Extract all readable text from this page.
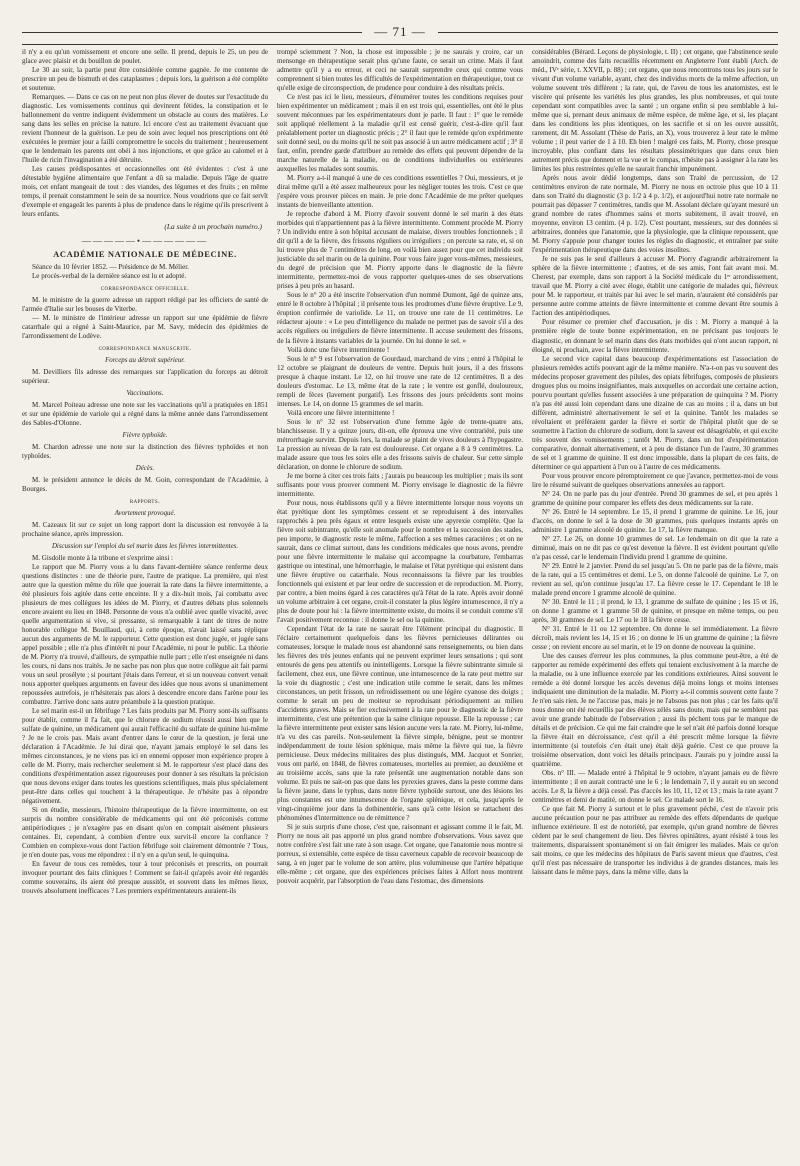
— 71 —

il n'y a eu qu'un vomissement et encore une selle. Il prend, depuis le 25, un peu de glace avec plaisir et du bouillon de poulet.

Le 30 au soir, la partie peut être considérée comme gagnée. Je me contente de prescrire un peu de bismuth et des cataplasmes ; depuis lors, la guérison a été complète et soutenue.

Remarques. — Dans ce cas on ne peut non plus élever de doutes sur l'exactitude du diagnostic. Les vomissements continus qui devinrent fétides, la constipation et le ballonnement du ventre indiquent évidemment un obstacle au cours des matières. Le sang dans les selles en précise la nature. Ici encore c'est au traitement évacuant que revient l'honneur de la guérison. Le peu de soin avec lequel nos prescriptions ont été exécutées le premier jour a failli compromettre le succès du traitement ; heureusement que le lendemain les parents ont obéi à nos injonctions, et que grâce au calomel et à l'huile de ricin l'invagination a été détruite.

Les causes prédisposantes et occasionnelles ont été évidentes : c'est à une détestable hygiène alimentaire que l'enfant a dû sa maladie. Depuis l'âge de quatre mois, cet enfant mangeait de tout : des viandes, des légumes et des fruits ; en même temps, il prenait constamment le sein de sa nourrice. Nous voudrions que ce fait servît d'exemple et engageât les parents à plus de prudence dans le régime qu'ils prescrivent à leurs enfants.

(La suite à un prochain numéro.)
—————•——————
ACADÉMIE NATIONALE DE MÉDECINE.

Séance du 10 février 1852. — Présidence de M. Mélier.

Le procès-verbal de la dernière séance est lu et adopté.

correspondance officielle.

M. le ministre de la guerre adresse un rapport rédigé par les officiers de santé de l'armée d'Italie sur les bouses de Viterbe.

— M. le ministre de l'intérieur adresse un rapport sur une épidémie de fièvre catarrhale qui a régné à Saint-Maurice, par M. Savy, médecin des épidémies de l'arrondissement de Lodève.

correspondance manuscrite.
Forceps au détroit supérieur.

M. Devilliers fils adresse des remarques sur l'application du forceps au détroit supérieur.

Vaccinations.

M. Marcel Poiteau adresse une note sur les vaccinations qu'il a pratiquées en 1851 et sur une épidémie de variole qui a régné dans la même année dans l'arrondissement des Sables-d'Olonne.

Fièvre typhoïde.

M. Chardon adresse une note sur la distinction des fièvres typhoïdes et non typhoïdes.

Décès.

M. le président annonce le décès de M. Goin, correspondant de l'Académie, à Bourges.

rapports.
Avortement provoqué.

M. Cazeaux lit sur ce sujet un long rapport dont la discussion est renvoyée à la prochaine séance, après impression.

Discussion sur l'emploi du sel marin dans les fièvres intermittentes.

M. Gisdolle monte à la tribune et s'exprime ainsi :

Le rapport que M. Piorry vous a lu dans l'avant-dernière séance renferme deux questions distinctes : une de théorie pure, l'autre de pratique. La première, qui n'est autre que la question même du rôle que jouerait la rate dans la fièvre intermittente, a été plusieurs fois agitée dans cette enceinte. Il y a dix-huit mois, j'ai combattu avec plusieurs de mes collègues les idées de M. Piorry, et d'autres débats plus solennels encore avaient eu lieu en 1848. Personne de vous n'a oublié avec quelle vivacité, avec quelle argumentation si vive, si pressante, si remarquable à tant de titres de notre honorable collègue M. Bouillaud, qui, à cette époque, n'avait laissé sans réplique aucun des arguments de M. le rapporteur. Cette question est donc jugée, et jugée sans appel possible ; elle n'a plus d'intérêt ni pour l'Académie, ni pour le public. La théorie de M. Piorry n'a trouvé, d'ailleurs, de sympathie nulle part ; elle n'est enseignée ni dans les cours, ni dans nos traités. Je ne sache pas non plus que notre collègue ait fait parmi vous un seul prosélyte ; si pourtant j'étais dans l'erreur, et si un nouveau convert venait nous apporter quelques arguments en faveur des idées que nous avons si unanimement repoussées autrefois, je n'hésiterais pas alors à descendre encore dans l'arène pour les combattre. J'arrive donc sans autre préambule à la question pratique.

Le sel marin est-il un fébrifuge ? Les faits produits par M. Piorry sont-ils suffisants pour établir, comme il l'a fait, que le chlorure de sodium réussit aussi bien que le sulfate de quinine, un médicament qui aurait l'efficacité du sulfate de quinine lui-même ? Je ne le crois pas. Mais avant d'entrer dans le cœur de la question, je ferai une déclaration à l'Académie. Je lui dirai que, n'ayant jamais employé le sel dans les mêmes circonstances, je ne viens pas ici en ennemi opposer mon expérience propre à celle de M. Piorry, mais rechercher seulement si M. le rapporteur s'est placé dans des conditions d'expérimentation assez rigoureuses pour donner à ses résultats la précision que nous devons exiger dans toutes les questions scientifiques, mais plus spécialement peut-être dans celles qui touchent à la thérapeutique. Je n'hésite pas à répondre négativement.

Si on étudie, messieurs, l'histoire thérapeutique de la fièvre intermittente, on est surpris du nombre considérable de médicaments qui ont été préconisés comme antipériodiques ; je n'exagère pas en disant qu'on en comptait aisément plusieurs centaines. Et, cependant, à combien d'entre eux survit-il encore la confiance ? Combien en complexe-vous dont l'action fébrifuge soit clairement démontrée ? Tous, je n'en doute pas, vous me répondrez : il n'y en a qu'un seul, le quinquina.

En faveur de tous ces remèdes, tour à tour préconisés et prescrits, on pourrait invoquer pourtant des faits cliniques ! Comment se fait-il qu'après avoir été regardés comme souverains, ils aient été presque aussitôt, et souvent dans les mêmes lieux, trouvés absolument inefficaces ? Les premiers expérimentateurs auraient-ils

trompé sciemment ? Non, la chose est impossible ; je ne saurais y croire, car un mensonge en thérapeutique serait plus qu'une faute, ce serait un crime. Mais il faut admettre qu'il y a eu erreur, et ceci ne saurait surprendre ceux qui comme vous comprennent si bien toutes les difficultés de l'expérimentation en thérapeutique, tout ce qu'elle exige de circonspection, de prudence pour conduire à des résultats précis.

Ce n'est pas ici le lieu, messieurs, d'énumérer toutes les conditions requises pour bien expérimenter un médicament ; mais il en est trois qui, essentielles, ont été le plus souvent méconnues par les expérimentateurs dont je parle. Il faut : 1° que le remède soit appliqué réellement à la maladie qu'il est censé guérir, c'est-à-dire qu'il faut préalablement porter un diagnostic précis ; 2° il faut que le remède qu'on expérimente soit donné seul, ou du moins qu'il ne soit pas associé à un autre médicament actif ; 3° il faut, enfin, prendre garde d'attribuer au remède des effets qui peuvent dépendre de la marche naturelle de la maladie, ou de conditions individuelles ou extérieures auxquelles les malades sont soumis.

M. Piorry a-t-il manqué à une de ces conditions essentielles ? Oui, messieurs, et je dirai même qu'il a été assez malheureux pour les négliger toutes les trois. C'est ce que j'espère vous prouver pièces en main. Je prie donc l'Académie de me prêter quelques instants de bienveillante attention.

Je reproche d'abord à M. Piorry d'avoir souvent donné le sel marin à des états morbides qui n'appartiennent pas à la fièvre intermittente. Comment procède M. Piorry ? Un individu entre à son hôpital accusant de malaise, divers troubles fonctionnels ; il dit qu'il a de la fièvre, des frissons réguliers ou irréguliers ; on percute sa rate, et, si on lui trouve plus de 7 centimètres de long, en voilà bien assez pour que cet individu soit justiciable du sel marin ou de la quinine. Pour vous faire juger vous-mêmes, messieurs, du degré de précision que M. Piorry apporte dans le diagnostic de la fièvre intermittente, permettez-moi de vous rapporter quelques-unes de ses observations prises à peu près au hasard.

Sous le n° 20 a été inscrite l'observation d'un nommé Dumont, âgé de quinze ans, entré le 8 octobre à l'hôpital ; il présente tous les prodromes d'une fièvre éruptive. Le 9, éruption confirmée de variolide. Le 11, on trouve une rate de 11 centimètres. Le rédacteur ajoute : « Le peu d'intelligence du malade ne permet pas de savoir s'il a des accès réguliers ou irréguliers de fièvre intermittente. Il accuse seulement des frissons, de la fièvre à instants variables de la journée. On lui donne le sel. »

Voilà donc une fièvre intermittente !

Sous le n° 9 est l'observation de Gourdaud, marchand de vins ; entré à l'hôpital le 12 octobre se plaignant de douleurs de ventre. Depuis huit jours, il a des frissons presque à chaque instant. Le 12, on lui trouve une rate de 12 centimètres. Il a des douleurs d'estomac. Le 13, même état de la rate ; le ventre est gonflé, douloureux, rempli de fèces (lavement purgatif). Les frissons des jours précédents sont moins intenses. Le 14, on donne 15 grammes de sel marin.

Voilà encore une fièvre intermittente !

Sous le n° 32 est l'observation d'une femme âgée de trente-quatre ans, blanchisseuse. Il y a quinze jours, dit-on, elle éprouva une vive contrariété, puis une métrorrhagie survint. Depuis lors, la malade se plaint de vives douleurs à l'hypogastre. La pression au niveau de la rate est douloureuse. Cet organe a 8 à 9 centimètres. La malade assure que tous les soirs elle a des frissons suivis de chaleur. Sur cette simple déclaration, on donne le chlorure de sodium.

Je me borne à citer ces trois faits ; j'aurais pu beaucoup les multiplier ; mais ils sont suffisants pour vous prouver comment M. Piorry envisage le diagnostic de la fièvre intermittente.

Pour nous, nous établissons qu'il y a fièvre intermittente lorsque nous voyons un état pyrétique dont les symptômes cessent et se reproduisent à des intervalles rapprochés à peu près égaux et entre lesquels existe une apyrexie complète. Que la fièvre soit subintrante, qu'elle soit anomale pour le nombre et la succession des stades, peu importe, le diagnostic reste le même, l'affection a ses mêmes caractères ; et on ne saurait, dans ce climat surtout, dans les conditions médicales que nous avons, prendre pour une fièvre intermittente le malaise qui accompagne la courbature, l'embarras gastrique ou intestinal, une hémorrhagie, le malaise et l'état pyrétique qui existent dans une fièvre éruptive ou catarrhale. Nous reconnaissons la fièvre par les troubles fonctionnels qui existent et par leur ordre de succession et de reproduction. M. Piorry, par contre, a bien moins égard à ces caractères qu'à l'état de la rate. Après avoir donné un volume arbitraire à cet organe, croit-il constater la plus légère intumescence, il n'y a plus de doute pour lui : la fièvre intermittente existe, du moins il se conduit comme s'il l'avait positivement reconnue : il donne le sel ou la quinine.

Cependant l'état de la rate ne saurait être l'élément principal du diagnostic. Il l'éclaire certainement quelquefois dans les fièvres pernicieuses délirantes ou comateuses, lorsque le malade nous est abandonné sans renseignements, ou bien dans les fièvres des très jeunes enfants qui ne peuvent exprimer leurs sensations ; qui sont entourés de gens peu attentifs ou inintelligents. Lorsque la fièvre subintrante simule si facilement, chez eux, une fièvre continue, une intumescence de la rate peut mettre sur la voie du diagnostic ; c'est une indication utile comme le serait, dans les mêmes circonstances, un petit frisson, un refroidissement ou une légère cyanose des doigts ; comme le serait un peu de moiteur se reproduisant périodiquement au milieu d'accidents graves. Mais se fier exclusivement à la rate pour le diagnostic de la fièvre intermittente, c'est une prétention que la saine clinique repousse. Elle la repousse ; car la fièvre intermittente peut exister sans lésion aucune vers la rate. M. Piorry, lui-même, n'a vu des cas pareils. Non-seulement la fièvre simple, bénigne, peut se montrer indépendamment de toute lésion splénique, mais même la fièvre qui tue, la fièvre pernicieuse. Deux médecins militaires des plus distingués, MM. Jacquot et Sonrier, vous ont parlé, en 1848, de fièvres comateuses, mortelles au premier, au deuxième et au troisième accès, sans que la rate présentât une augmentation notable dans son volume. Et puis ne sait-on pas que dans les pyrexies graves, dans la peste comme dans la fièvre jaune, dans le typhus, dans notre fièvre typhoïde surtout, une des lésions les plus constantes est une intumescence de l'organe splénique, et cela, jusqu'après le vingt-cinquième jour dans la dothinentérie, sans qu'à cette lésion se rattachent des phénomènes d'intermittence ou de rémittence ?

Si je suis surpris d'une chose, c'est que, raisonnant et agissant comme il le fait, M. Piorry ne nous ait pas apporté un plus grand nombre d'observations. Vous savez que notre confrère s'est fait une rate à son usage. Cet organe, que l'anatomie nous montre si porreux, si extensible, cette espèce de tissu caverneux capable de recevoir beaucoup de sang, à en juger par le volume de son artère, plus volumineuse que l'artère hépatique elle-même ; cet organe, que des expériences précises faites à Alfort nous montrent pouvoir acquérir, par l'absorption de l'eau dans l'estomac, des dimensions

considérables (Bérard. Leçons de physiologie, t. II) ; cet organe, que l'abstinence seule amoindrit, comme des faits recueillis récemment en Angleterre l'ont établi (Arch. de méd., IVᵉ série, t. XXVII, p. 88) ; cet organe, que nous rencontrons tous les jours sur le vivant d'un volume variable, ayant, chez des individus morts de la même affection, un volume souvent très différent ; la rate, qui, de l'aveu de tous les anatomistes, est le viscère qui présente les variétés les plus grandes, les plus nombreuses, et qui toute cependant sont compatibles avec la santé ; un organe enfin si peu semblable à lui-même que si, prenant deux animaux de même espèce, de même âge, et si, les plaçant dans les conditions les plus identiques, on les sacrifie et si on les ouvre aussitôt, rarement, dit M. Assolant (Thèse de Paris, an X), vous trouverez à leur rate le même volume ; il peut varier de 1 à 10. Eh bien ! malgré ces faits, M. Piorry, chose presque incroyable, plus confiant dans les résultats plessimétriques que dans ceux bien autrement précis que donnent et la vue et le compas, n'hésite pas à assigner à la rate les limites les plus restreintes qu'elle ne saurait franchir impunément.

Après nous avoir dédié longtemps, dans son Traité de percussion, de 12 centimètres environ de rate normale, M. Piorry ne nous en octroie plus que 10 à 11 dans son Traité du diagnostic (3 p. 1/2 à 4 p. 1/2), et aujourd'hui notre rate normale ne pourrait pas dépasser 7 centimètres, tandis que M. Assolant déclare qu'ayant mesuré un grand nombre de rates d'hommes sains et morts subitement, il avait trouvé, en moyenne, environ 13 centim. (4 p. 1/2). C'est pourtant, messieurs, sur des données si arbitraires, données que l'anatomie, que la physiologie, que la clinique repoussent, que M. Piorry s'appuie pour changer toutes les règles du diagnostic, et entraîner par suite l'expérimentation thérapeutique dans des voies insolites.

Je ne suis pas le seul d'ailleurs à accuser M. Piorry d'agrandir arbitrairement la sphère de la fièvre intermittente ; d'autres, et de ses amis, l'ont fait avant moi. M. Cherest, par exemple, dans son rapport à la Société médicale du 1ᵉʳ arrondissement, travail que M. Piorry a cité avec éloge, établit une catégorie de malades qui, fiévreux pour M. le rapporteur, et traités par lui avec le sel marin, n'auraient été considérés par personne autre comme atteints de fièvre intermittente et comme devant être soumis à l'action des antipériodiques.

Pour résumer ce premier chef d'accusation, je dis : M. Piorry a manqué à la première règle de toute bonne expérimentation, en ne précisant pas toujours le diagnostic, en donnant le sel marin dans des états morbides qui n'ont aucun rapport, ni éloigné, ni prochain, avec la fièvre intermittente.

Le second vice capital dans beaucoup d'expérimentations est l'association de plusieurs remèdes actifs pouvant agir de la même manière. N'a-t-on pas vu souvent des médecins proposer gravement des pilules, des opiats fébrifuges, composés de plusieurs drogues plus ou moins insignifiantes, mais auxquelles on accordait une certaine action, pourvu pourtant qu'elles fussent associées à une préparation de quinquina ? M. Piorry n'a pas été aussi loin cependant dans une dizaine de cas au moins ; il a, dans un but différent, administré alternativement le sel et la quinine. Tantôt les malades se révoltaient et préféraient garder la fièvre et sortir de l'hôpital plutôt que de se soumettre à l'action du chlorure de sodium, dont la saveur est désagréable, et qui excite très souvent des vomissements ; tantôt M. Piorry, dans un but d'expérimentation comparative, donnait alternativement, et à peu de distance l'un de l'autre, 30 grammes de sel et 1 gramme de quinine. Il est donc impossible, dans la plupart de ces faits, de déterminer ce qui appartient à l'un ou à l'autre de ces médicaments.

Pour vous prouver encore péremptoirement ce que j'avance, permettez-moi de vous lire le résumé suivant de quelques observations annexées au rapport.

N° 24. On ne parle pas du jour d'entrée. Prend 30 grammes de sel, et peu après 1 gramme de quinine pour comparer les effets des deux médicaments sur la rate.

N° 26. Entré le 14 septembre. Le 15, il prend 1 gramme de quinine. Le 16, jour d'accès, on donne le sel à la dose de 30 grammes, puis quelques instants après on administre 1 gramme alcoolé de quinine. Le 17, la fièvre manque.

N° 27. Le 26, on donne 10 grammes de sel. Le lendemain on dit que la rate a diminué, mais on ne dit pas ce qu'est devenue la fièvre. Il est évident pourtant qu'elle n'a pas cessé, car le lendemain l'individu prend 1 gramme de quinine.

N° 29. Entré le 2 janvier. Prend du sel jusqu'au 5. On ne parle pas de la fièvre, mais de la rate, qui a 15 centimètres et demi. Le 5, on donne l'alcoolé de quinine. Le 7, on revient au sel, qu'on continue jusqu'au 17. La fièvre cesse le 17. Cependant le 18 le malade prend encore 1 gramme alcoolé de quinine.

N° 30. Entré le 11 ; il prend, le 13, 1 gramme de sulfate de quinine ; les 15 et 16, on donne 1 gramme et 1 gramme 50 de quinine, et presque en même temps, ou peu après, 30 grammes de sel. Le 17 ou le 18 la fièvre cesse.

N° 31. Entré le 11 ou 12 septembre. On donne le sel immédiatement. La fièvre décroît, mais revient les 14, 15 et 16 ; on donne le 16 un gramme de quinine ; la fièvre cesse ; on revient encore au sel marin, et le 19 on donne de nouveau la quinine.

Une des causes d'erreur les plus communes, la plus commune peut-être, a été de rapporter au remède expérimenté des effets qui tenaient exclusivement à la marche de la maladie, ou à une influence exercée par les conditions extérieures. Ainsi souvent le remède a été donné lorsque les accès devenus déjà moins longs et moins intenses indiquaient une diminution de la maladie. M. Piorry a-t-il commis souvent cette faute ? Je n'en sais rien. Je ne l'accuse pas, mais je ne l'absous pas non plus ; car les faits qu'il nous donne ont été recueillis par des élèves zélés sans doute, mais qui ne semblent pas avoir une grande habitude de l'observation ; aussi ils pèchent tous par le manque de détails et de précision. Ce qui me fait craindre que le sel n'ait été parfois donné lorsque la fièvre était en décroissance, c'est qu'il a été prescrit même lorsque la fièvre intermittente (si toutefois c'en était une) était déjà guérie. C'est ce que prouve la troisième observation, dont voici les détails principaux. J'aurais pu y joindre aussi la quatrième.

Obs. n° III. — Malade entré à l'hôpital le 9 octobre, n'ayant jamais eu de fièvre intermittente ; il en aurait contracté une le 6 ; le lendemain 7, il y aurait eu un second accès. Le 8, la fièvre a déjà cessé. Pas d'accès les 10, 11, 12 et 13 ; mais la rate ayant 7 centimètres et demi de matité, on donne le sel. Ce malade sort le 16.

Ce que fait M. Piorry à surtout et le plus gravement péché, c'est de n'avoir pris aucune précaution pour ne pas attribuer au remède des effets dépendants de quelque influence extérieure. Il est de notoriété, par exemple, qu'un grand nombre de fièvres cèdent par le seul changement de lieu. Des fièvres opiniâtres, ayant résisté à tous les traitements, disparaissent spontanément si on fait émigrer les malades. Mais ce qu'on sait moins, ce que les médecins des hôpitaux de Paris savent mieux que d'autres, c'est qu'il n'est pas nécessaire de transporter les individus à de grandes distances, mais les laissant dans le même pays, dans la même ville, dans la
